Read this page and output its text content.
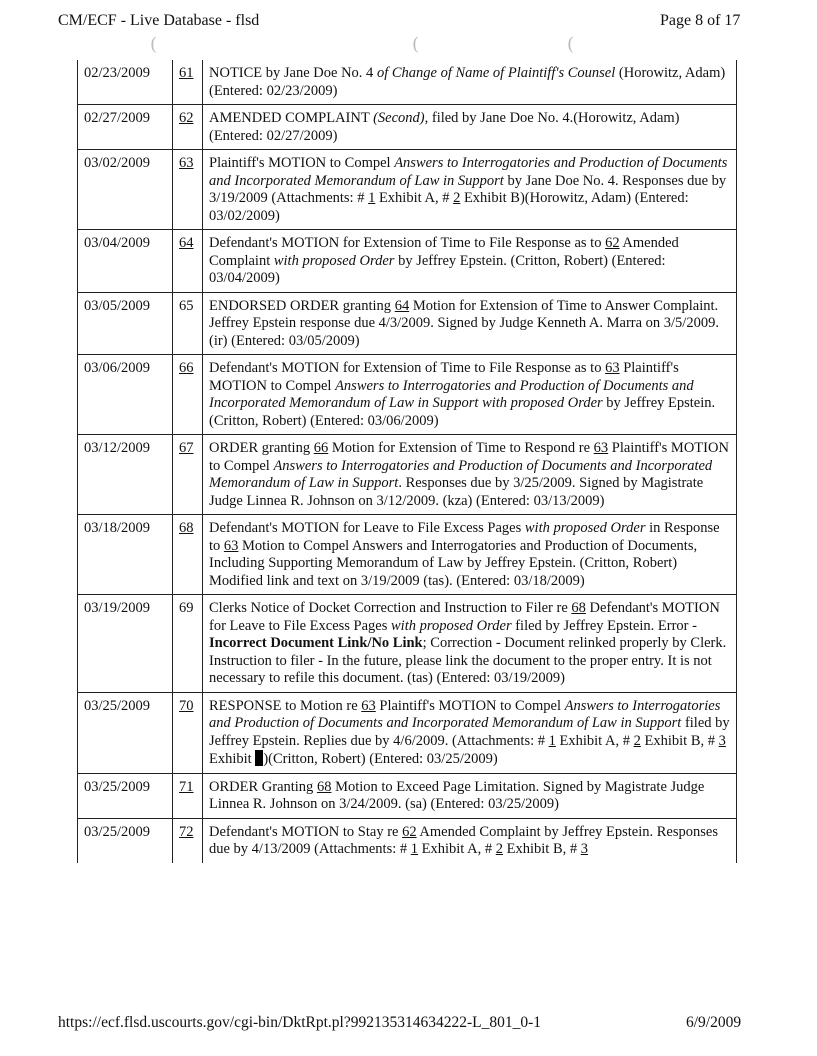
CM/ECF - Live Database - flsd	Page 8 of 17
(	(	(
02/23/2009	61	NOTICE by Jane Doe No. 4 of Change of Name of Plaintiff's Counsel (Horowitz, Adam) (Entered: 02/23/2009)
02/27/2009	62	AMENDED COMPLAINT (Second), filed by Jane Doe No. 4.(Horowitz, Adam) (Entered: 02/27/2009)
03/02/2009	63	Plaintiff's MOTION to Compel Answers to Interrogatories and Production of Documents and Incorporated Memorandum of Law in Support by Jane Doe No. 4. Responses due by 3/19/2009 (Attachments: # 1 Exhibit A, # 2 Exhibit B)(Horowitz, Adam) (Entered: 03/02/2009)
03/04/2009	64	Defendant's MOTION for Extension of Time to File Response as to 62 Amended Complaint with proposed Order by Jeffrey Epstein. (Critton, Robert) (Entered: 03/04/2009)
03/05/2009	65	ENDORSED ORDER granting 64 Motion for Extension of Time to Answer Complaint. Jeffrey Epstein response due 4/3/2009. Signed by Judge Kenneth A. Marra on 3/5/2009. (ir) (Entered: 03/05/2009)
03/06/2009	66	Defendant's MOTION for Extension of Time to File Response as to 63 Plaintiff's MOTION to Compel Answers to Interrogatories and Production of Documents and Incorporated Memorandum of Law in Support with proposed Order by Jeffrey Epstein. (Critton, Robert) (Entered: 03/06/2009)
03/12/2009	67	ORDER granting 66 Motion for Extension of Time to Respond re 63 Plaintiff's MOTION to Compel Answers to Interrogatories and Production of Documents and Incorporated Memorandum of Law in Support. Responses due by 3/25/2009. Signed by Magistrate Judge Linnea R. Johnson on 3/12/2009. (kza) (Entered: 03/13/2009)
03/18/2009	68	Defendant's MOTION for Leave to File Excess Pages with proposed Order in Response to 63 Motion to Compel Answers and Interrogatories and Production of Documents, Including Supporting Memorandum of Law by Jeffrey Epstein. (Critton, Robert) Modified link and text on 3/19/2009 (tas). (Entered: 03/18/2009)
03/19/2009	69	Clerks Notice of Docket Correction and Instruction to Filer re 68 Defendant's MOTION for Leave to File Excess Pages with proposed Order filed by Jeffrey Epstein. Error - Incorrect Document Link/No Link; Correction - Document relinked properly by Clerk. Instruction to filer - In the future, please link the document to the proper entry. It is not necessary to refile this document. (tas) (Entered: 03/19/2009)
03/25/2009	70	RESPONSE to Motion re 63 Plaintiff's MOTION to Compel Answers to Interrogatories and Production of Documents and Incorporated Memorandum of Law in Support filed by Jeffrey Epstein. Replies due by 4/6/2009. (Attachments: # 1 Exhibit A, # 2 Exhibit B, # 3 Exhibit )(Critton, Robert) (Entered: 03/25/2009)
03/25/2009	71	ORDER Granting 68 Motion to Exceed Page Limitation. Signed by Magistrate Judge Linnea R. Johnson on 3/24/2009. (sa) (Entered: 03/25/2009)
03/25/2009	72	Defendant's MOTION to Stay re 62 Amended Complaint by Jeffrey Epstein. Responses due by 4/13/2009 (Attachments: # 1 Exhibit A, # 2 Exhibit B, # 3
https://ecf.flsd.uscourts.gov/cgi-bin/DktRpt.pl?992135314634222-L_801_0-1	6/9/2009
